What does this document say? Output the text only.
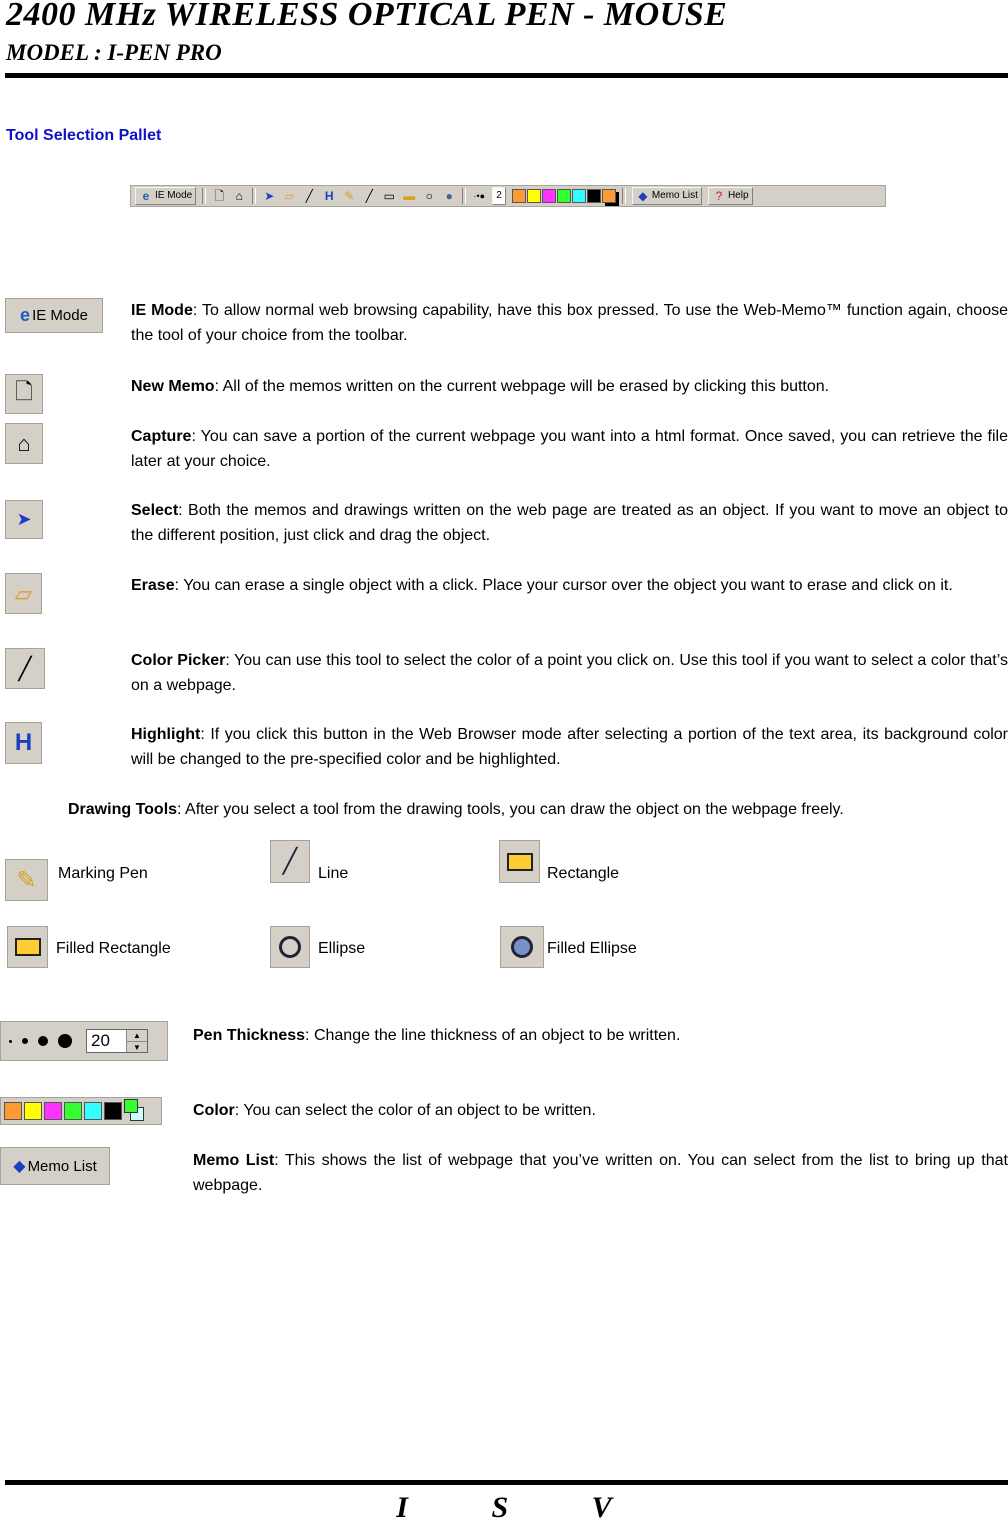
2400 MHz WIRELESS OPTICAL PEN - MOUSE
MODEL : I-PEN PRO
Tool Selection Pallet
e IE Mode 🗋 ⌂ ➤ ▱ ╱ H ✎ ╱ ▭ ▬ ○ ●	·•● 2	◆ Memo List	? Help
e IE Mode	IE Mode: To allow normal web browsing capability, have this box pressed. To use the Web-Memo™ function again, choose the tool of your choice from the toolbar.
🗋	New Memo: All of the memos written on the current webpage will be erased by clicking this button.
⌂	Capture: You can save a portion of the current webpage you want into a html format. Once saved, you can retrieve the file later at your choice.
➤	Select: Both the memos and drawings written on the web page are treated as an object. If you want to move an object to the different position, just click and drag the object.
▱	Erase: You can erase a single object with a click. Place your cursor over the object you want to erase and click on it.
╱	Color Picker: You can use this tool to select the color of a point you click on. Use this tool if you want to select a color that’s on a webpage.
H	Highlight: If you click this button in the Web Browser mode after selecting a portion of the text area, its background color will be changed to the pre-specified color and be highlighted.
Drawing Tools: After you select a tool from the drawing tools, you can draw the object on the webpage freely.
✎ Marking Pen	╱ Line	Rectangle
Filled Rectangle	Ellipse	Filled Ellipse
20	▲
▼
Pen Thickness: Change the line thickness of an object to be written.
Color: You can select the color of an object to be written.
◆ Memo List	Memo List: This shows the list of webpage that you’ve written on. You can select from the list to bring up that webpage.
I	S	V
